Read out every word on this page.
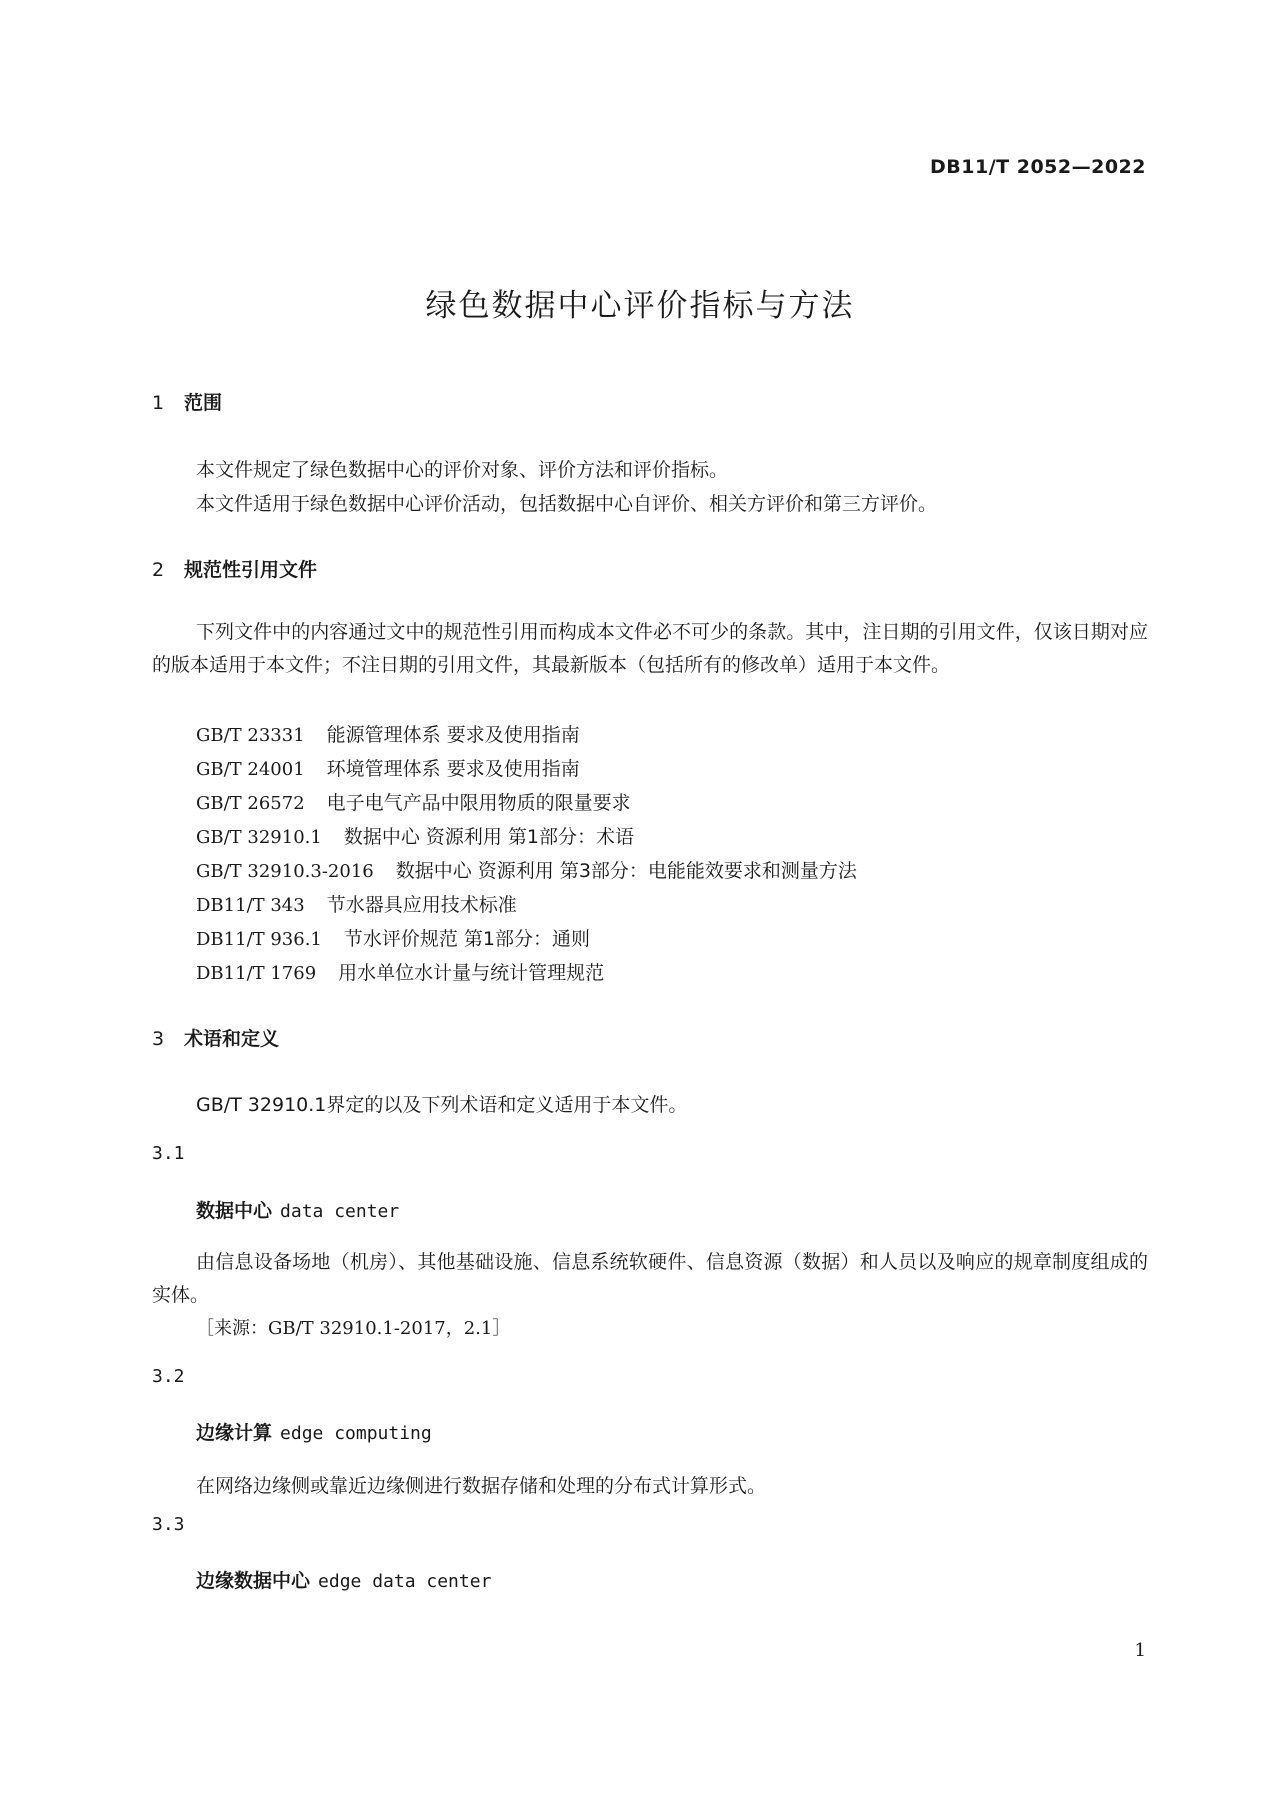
DB11/T 2052—2022
绿色数据中心评价指标与方法
1 范围
本文件规定了绿色数据中心的评价对象、评价方法和评价指标。
本文件适用于绿色数据中心评价活动，包括数据中心自评价、相关方评价和第三方评价。
2 规范性引用文件
下列文件中的内容通过文中的规范性引用而构成本文件必不可少的条款。其中，注日期的引用文件，仅该日期对应的版本适用于本文件；不注日期的引用文件，其最新版本（包括所有的修改单）适用于本文件。
GB/T 23331 能源管理体系 要求及使用指南
GB/T 24001 环境管理体系 要求及使用指南
GB/T 26572 电子电气产品中限用物质的限量要求
GB/T 32910.1 数据中心 资源利用 第1部分：术语
GB/T 32910.3-2016 数据中心 资源利用 第3部分：电能能效要求和测量方法
DB11/T 343 节水器具应用技术标准
DB11/T 936.1 节水评价规范 第1部分：通则
DB11/T 1769 用水单位水计量与统计管理规范
3 术语和定义
GB/T 32910.1界定的以及下列术语和定义适用于本文件。
3.1
数据中心 data center
由信息设备场地（机房）、其他基础设施、信息系统软硬件、信息资源（数据）和人员以及响应的规章制度组成的实体。
［来源：GB/T 32910.1-2017，2.1］
3.2
边缘计算 edge computing
在网络边缘侧或靠近边缘侧进行数据存储和处理的分布式计算形式。
3.3
边缘数据中心 edge data center
1
